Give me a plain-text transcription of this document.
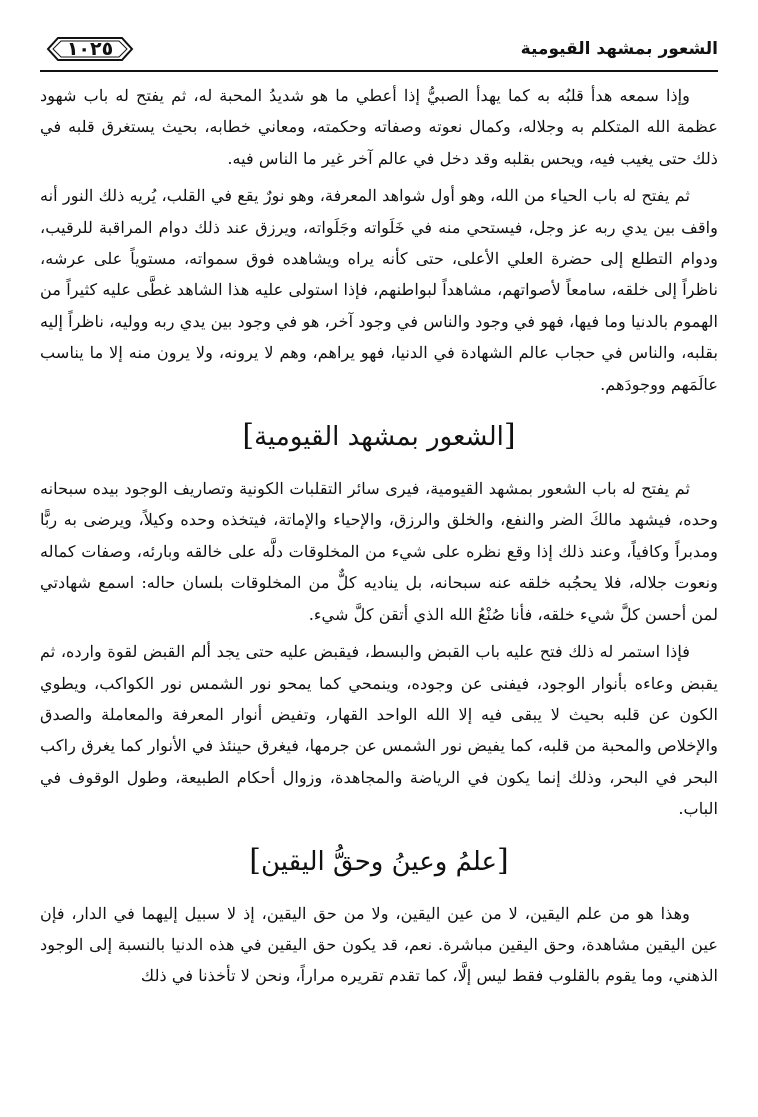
الشعور بمشهد القيومية
١٠٢٥

وإذا سمعه هدأ قلبُه به كما يهدأ الصبيُّ إذا أعطي ما هو شديدُ المحبة له، ثم يفتح له باب شهود عظمة الله المتكلم به وجلاله، وكمال نعوته وصفاته وحكمته، ومعاني خطابه، بحيث يستغرق قلبه في ذلك حتى يغيب فيه، ويحس بقلبه وقد دخل في عالم آخر غير ما الناس فيه.

ثم يفتح له باب الحياء من الله، وهو أول شواهد المعرفة، وهو نورٌ يقع في القلب، يُريه ذلك النور أنه واقف بين يدي ربه عز وجل، فيستحي منه في خَلَواته وجَلَواته، ويرزق عند ذلك دوام المراقبة للرقيب، ودوام التطلع إلى حضرة العلي الأعلى، حتى كأنه يراه ويشاهده فوق سمواته، مستوياً على عرشه، ناظراً إلى خلقه، سامعاً لأصواتهم، مشاهداً لبواطنهم، فإذا استولى عليه هذا الشاهد غطَّى عليه كثيراً من الهموم بالدنيا وما فيها، فهو في وجود والناس في وجود آخر، هو في وجود بين يدي ربه ووليه، ناظراً إليه بقلبه، والناس في حجاب عالم الشهادة في الدنيا، فهو يراهم، وهم لا يرونه، ولا يرون منه إلا ما يناسب عالَمَهم ووجودَهم.

[الشعور بمشهد القيومية]

ثم يفتح له باب الشعور بمشهد القيومية، فيرى سائر التقلبات الكونية وتصاريف الوجود بيده سبحانه وحده، فيشهد مالكَ الضر والنفع، والخلق والرزق، والإحياء والإماتة، فيتخذه وحده وكيلاً، ويرضى به ربًّا ومدبراً وكافياً، وعند ذلك إذا وقع نظره على شيء من المخلوقات دلَّه على خالقه وبارئه، وصفات كماله ونعوت جلاله، فلا يحجُبه خلقه عنه سبحانه، بل يناديه كلٌّ من المخلوقات بلسان حاله: اسمع شهادتي لمن أحسن كلَّ شيء خلقه، فأنا صُنْعُ الله الذي أتقن كلَّ شيء.

فإذا استمر له ذلك فتح عليه باب القبض والبسط، فيقبض عليه حتى يجد ألم القبض لقوة وارده، ثم يقبض وعاءه بأنوار الوجود، فيفنى عن وجوده، وينمحي كما يمحو نور الشمس نور الكواكب، ويطوي الكون عن قلبه بحيث لا يبقى فيه إلا الله الواحد القهار، وتفيض أنوار المعرفة والمعاملة والصدق والإخلاص والمحبة من قلبه، كما يفيض نور الشمس عن جرمها، فيغرق حينئذ في الأنوار كما يغرق راكب البحر في البحر، وذلك إنما يكون في الرياضة والمجاهدة، وزوال أحكام الطبيعة، وطول الوقوف في الباب.

[علمُ وعينُ وحقُّ اليقين]

وهذا هو من علم اليقين، لا من عين اليقين، ولا من حق اليقين، إذ لا سبيل إليهما في الدار، فإن عين اليقين مشاهدة، وحق اليقين مباشرة. نعم، قد يكون حق اليقين في هذه الدنيا بالنسبة إلى الوجود الذهني، وما يقوم بالقلوب فقط ليس إلَّا، كما تقدم تقريره مراراً، ونحن لا تأخذنا في ذلك
